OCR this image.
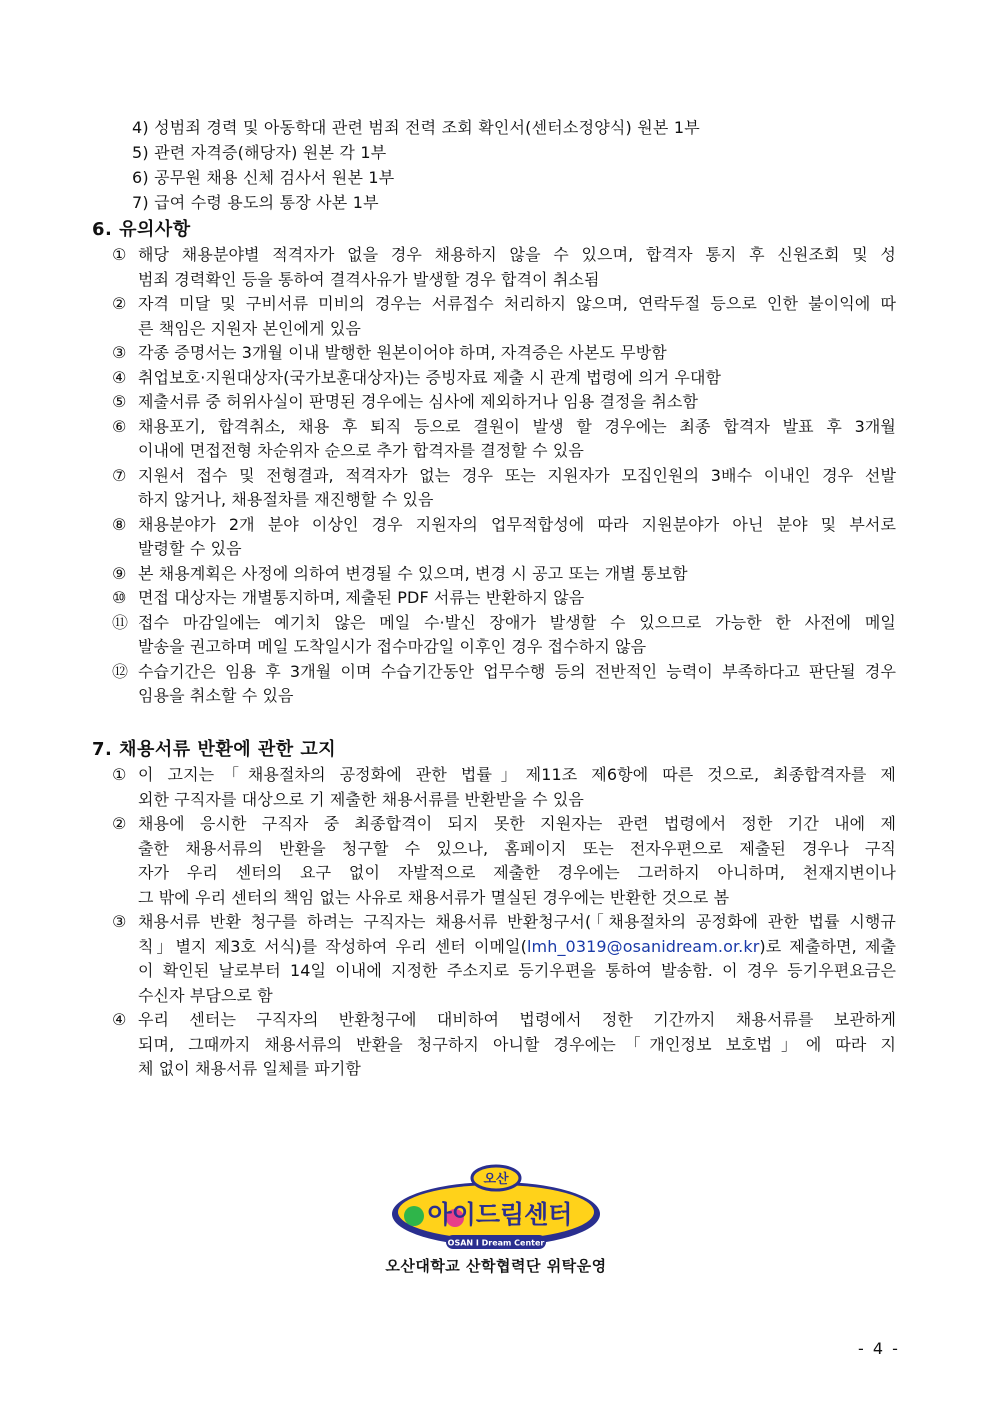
4) 성범죄 경력 및 아동학대 관련 범죄 전력 조회 확인서(센터소정양식) 원본 1부
5) 관련 자격증(해당자) 원본 각 1부
6) 공무원 채용 신체 검사서 원본 1부
7) 급여 수령 용도의 통장 사본 1부
6. 유의사항
① 해당 채용분야별 적격자가 없을 경우 채용하지 않을 수 있으며, 합격자 통지 후 신원조회 및 성
범죄 경력확인 등을 통하여 결격사유가 발생할 경우 합격이 취소됨
② 자격 미달 및 구비서류 미비의 경우는 서류접수 처리하지 않으며, 연락두절 등으로 인한 불이익에 따
른 책임은 지원자 본인에게 있음
③ 각종 증명서는 3개월 이내 발행한 원본이어야 하며, 자격증은 사본도 무방함
④ 취업보호·지원대상자(국가보훈대상자)는 증빙자료 제출 시 관계 법령에 의거 우대함
⑤ 제출서류 중 허위사실이 판명된 경우에는 심사에 제외하거나 임용 결정을 취소함
⑥ 채용포기, 합격취소, 채용 후 퇴직 등으로 결원이 발생 할 경우에는 최종 합격자 발표 후 3개월
이내에 면접전형 차순위자 순으로 추가 합격자를 결정할 수 있음
⑦ 지원서 접수 및 전형결과, 적격자가 없는 경우 또는 지원자가 모집인원의 3배수 이내인 경우 선발
하지 않거나, 채용절차를 재진행할 수 있음
⑧ 채용분야가 2개 분야 이상인 경우 지원자의 업무적합성에 따라 지원분야가 아닌 분야 및 부서로
발령할 수 있음
⑨ 본 채용계획은 사정에 의하여 변경될 수 있으며, 변경 시 공고 또는 개별 통보함
⑩ 면접 대상자는 개별통지하며, 제출된 PDF 서류는 반환하지 않음
⑪ 접수 마감일에는 예기치 않은 메일 수·발신 장애가 발생할 수 있으므로 가능한 한 사전에 메일
발송을 권고하며 메일 도착일시가 접수마감일 이후인 경우 접수하지 않음
⑫ 수습기간은 임용 후 3개월 이며 수습기간동안 업무수행 등의 전반적인 능력이 부족하다고 판단될 경우
임용을 취소할 수 있음
7. 채용서류 반환에 관한 고지
① 이 고지는「채용절차의 공정화에 관한 법률」제11조 제6항에 따른 것으로, 최종합격자를 제
외한 구직자를 대상으로 기 제출한 채용서류를 반환받을 수 있음
② 채용에 응시한 구직자 중 최종합격이 되지 못한 지원자는 관련 법령에서 정한 기간 내에 제
출한 채용서류의 반환을 청구할 수 있으나, 홈페이지 또는 전자우편으로 제출된 경우나 구직
자가 우리 센터의 요구 없이 자발적으로 제출한 경우에는 그러하지 아니하며, 천재지변이나
그 밖에 우리 센터의 책임 없는 사유로 채용서류가 멸실된 경우에는 반환한 것으로 봄
③ 채용서류 반환 청구를 하려는 구직자는 채용서류 반환청구서(「채용절차의 공정화에 관한 법률 시행규
칙」별지 제3호 서식)를 작성하여 우리 센터 이메일(lmh_0319@osanidream.or.kr)로 제출하면, 제출
이 확인된 날로부터 14일 이내에 지정한 주소지로 등기우편을 통하여 발송함. 이 경우 등기우편요금은
수신자 부담으로 함
④ 우리 센터는 구직자의 반환청구에 대비하여 법령에서 정한 기간까지 채용서류를 보관하게
되며, 그때까지 채용서류의 반환을 청구하지 아니할 경우에는「개인정보 보호법」에 따라 지
체 없이 채용서류 일체를 파기함
오산
아이드림센터
OSAN I Dream Center
오산대학교 산학협력단 위탁운영
- 4 -
